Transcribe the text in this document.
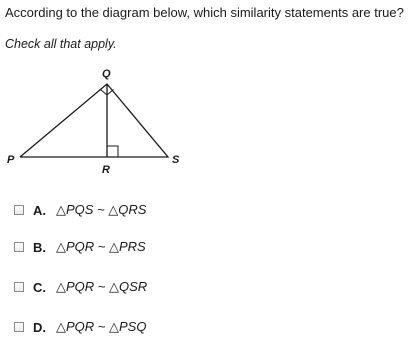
According to the diagram below, which similarity statements are true?
Check all that apply.
Q
P
R
S
A. △PQS ~ △QRS
B. △PQR ~ △PRS
C. △PQR ~ △QSR
D. △PQR ~ △PSQ
